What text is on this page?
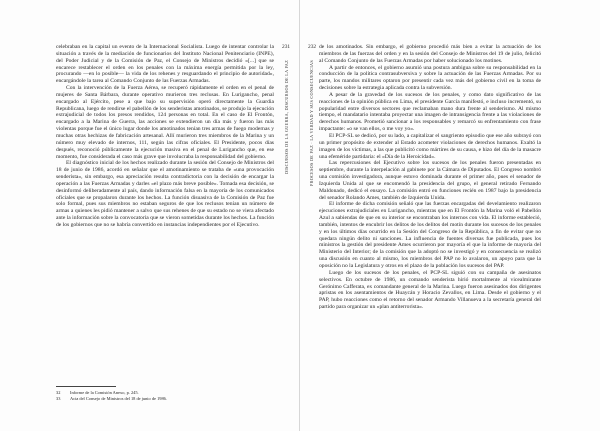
celebraban en la capital un evento de la Internacional Socialista. Luego de intentar controlar la situación a través de la mediación de funcionarios del Instituto Nacional Penitenciario (INPE), del Poder Judicial y de la Comisión de Paz, el Consejo de Ministros decidió «[...] que se encarece restablecer el orden en los penales con la máxima energía permitida por la ley, procurando —en lo posible— la vida de los rehenes y resguardando el principio de autoridad», encargándole la tarea al Comando Conjunto de las Fuerzas Armadas.

Con la intervención de la Fuerza Aérea, se recuperó rápidamente el orden en el penal de mujeres de Santa Bárbara, durante operativo murieron tres reclusas. En Lurigancho, penal encargado al Ejército, pese a que bajo su supervisión operó directamente la Guardia Republicana, luego de rendirse el pabellón de los senderistas amotinados, se produjo la ejecución extrajudicial de todos los presos rendidos, 124 personas en total. En el caso de El Frontón, encargado a la Marina de Guerra, las acciones se extendieron un día más y fueron las más violentas porque fue el único lugar donde los amotinados tenían tres armas de fuego modernas y muchas otras hechizas de fabricación artesanal. Allí murieron tres miembros de la Marina y un número muy elevado de internos, 111, según las cifras oficiales. El Presidente, pocos días después, reconoció públicamente la ejecución masiva en el penal de Lurigancho que, en ese momento, fue considerada el caso más grave que involucraba la responsabilidad del gobierno.

El diagnóstico inicial de los hechos realizado durante la sesión del Consejo de Ministros del 18 de junio de 1986, acordó en señalar que el amotinamiento se trataba de «una provocación senderista», sin embargo, esa apreciación resulta contradictoria con la decisión de encargar la operación a las Fuerzas Armadas y darles «el plazo más breve posible». Tomada esa decisión, se desinformó deliberadamente al país, dando información falsa en la mayoría de los comunicados oficiales que se propalaron durante los hechos. La función disuasiva de la Comisión de Paz fue solo formal, pues sus miembros no estaban seguros de que los reclusos tenían un número de armas a quienes les pidió mantener a salvo que sus rehenes de que su estado no se viera afectado ante la información sobre la convocatoria que se vieron sometidas durante los hechos. La función de los gobiernos que no se habría convertido en instancias independientes por el Ejecutivo.

32	Informe de la Comisión Anexo, p. 245.
33	Acta del Consejo de Ministros del 18 de junio de 1986.
231
DISCURSOS DE LA GUERRA, DISCURSOS DE LA PAZ
232
PROCESOS DE PAZ · LA VERDAD Y SUS CONSECUENCIAS

de los amotinados. Sin embargo, el gobierno procedió más bien a evitar la actuación de los miembros de las fuerzas del orden y en la sesión del Consejo de Ministros del 19 de julio, felicitó al Comando Conjunto de las Fuerzas Armadas por haber solucionado los motines.

A partir de entonces, el gobierno asumió una postura ambigua sobre su responsabilidad en la conducción de la política contrasubversiva y sobre la actuación de las Fuerzas Armadas. Por su parte, los mandos militares optaron por presentir cada vez más del gobierno civil en la toma de decisiones sobre la estrategia aplicada contra la subversión.

A pesar de la gravedad de los sucesos de los penales, y como dato significativo de las reacciones de la opinión pública en Lima, el presidente García manifestó, e incluso incrementó, su popularidad entre diversos sectores que reclamaban mano dura frente al senderismo. Al mismo tiempo, el mandatario intentaba proyectar una imagen de intransigencia frente a las violaciones de derechos humanos. Prometió sancionar a los responsables y remarcó su enfrentamiento con frase impactante: «o se van ellos, o me voy yo».

El PCP-SL se dedicó, por su lado, a capitalizar el sangriento episodio que ese año subrayó con un primer propósito de extender al Estado acometer violaciones de derechos humanos. Exaltó la imagen de los víctimas, a las que publicitó como mártires de su causa, e hizo del día de la masacre una efeméride partidaria: el «Día de la Heroicidad».

Las repercusiones del Ejecutivo sobre los sucesos de los penales fueron presentadas en septiembre, durante la interpelación al gabinete por la Cámara de Diputados. El Congreso nombró una comisión investigadora, aunque estuvo dominada durante el primer año, pues el senador de Izquierda Unida al que se encomendó la presidencia del grupo, el general retirado Fernando Maldonado, dedicó el ensayo. La comisión entró en funciones recién en 1987 bajo la presidencia del senador Rolando Ames, también de Izquierda Unida.

El informe de dicha comisión señaló que las fuerzas encargadas del develamiento realizaron ejecuciones extrajudiciales en Lurigancho, mientras que en El Frontón la Marina voló el Pabellón Azul a sabiendas de que en su interior se encontraban los internos con vida. El informe estableció, también, intentos de encubrir los delitos de los delitos del motín durante los sucesos de los penales y en los últimos días ocurrido en la Sesión del Congreso de la República, a fin de evitar que no quedara ningún delito ni sanciones. La influencia de fuentes diversas fue publicada, pues los ministros la gestión del presidente Ames ocurrieron por mayoría el que la informe de mayoría del Ministerio del Interior; de la comisión que la adoptó no se investigó y en consecuencia se realizó una discusión en cuanto al mismo, los miembros del PAP no lo avalaron, un apoyo para que la oposición no la Legislatura y otros en el plazo de la población los sucesos del PAP.

Luego de los sucesos de los penales, el PCP-SL siguió con su campaña de asesinatos selectivos. En octubre de 1986, un comando senderista hirió mortalmente al vicealmirante Gerónimo Cafferata, ex comandante general de la Marina. Luego fueron asesinados dos dirigentes apristas en los asentamientos de Huaycán y Horacio Zevallos, en Lima. Desde el gobierno y el PAP, hubo reacciones como el retorno del senador Armando Villanueva a la secretaría general del partido para organizar un «plan antiterrorista».
